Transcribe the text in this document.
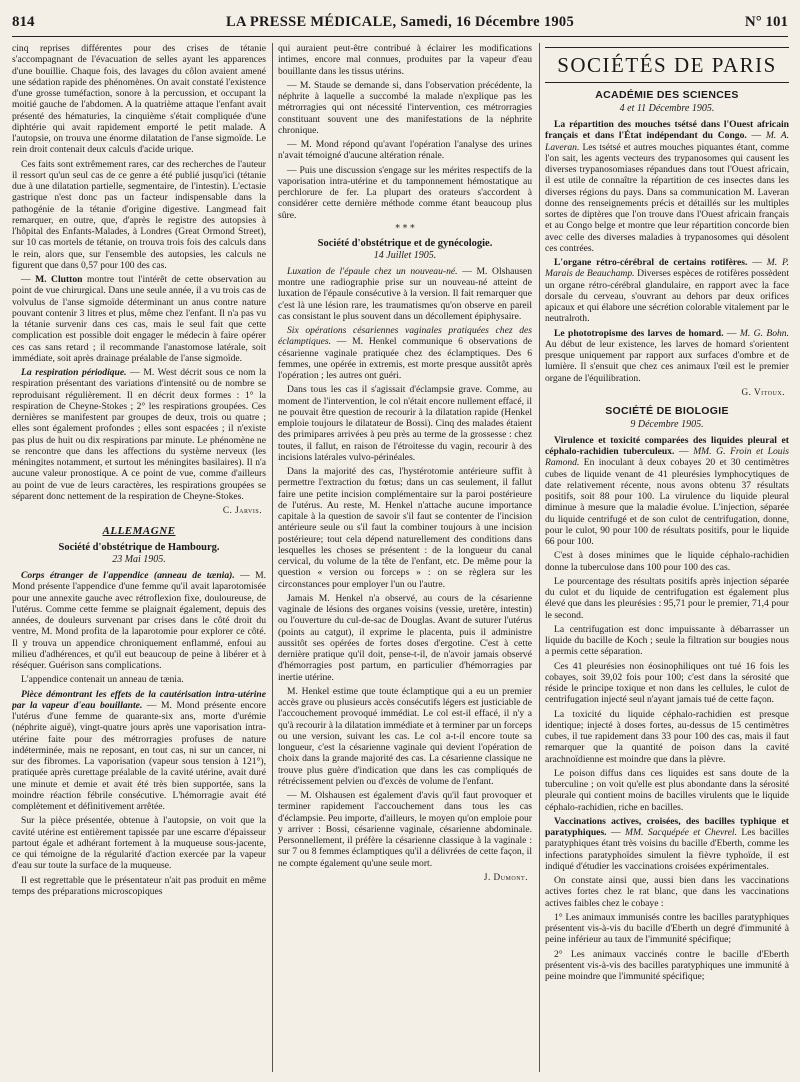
814	LA PRESSE MÉDICALE, Samedi, 16 Décembre 1905	N° 101

cinq reprises différentes pour des crises de tétanie s'accompagnant de l'évacuation de selles ayant les apparences d'une bouillie. Chaque fois, des lavages du côlon avaient amené une sédation rapide des phénomènes. On avait constaté l'existence d'une grosse tuméfaction, sonore à la percussion, et occupant la moitié gauche de l'abdomen. A la quatrième attaque l'enfant avait présenté des hématuries, la cinquième s'était compliquée d'une diphtérie qui avait rapidement emporté le petit malade. A l'autopsie, on trouva une énorme dilatation de l'anse sigmoïde. Le rein droit contenait deux calculs d'acide urique.

Ces faits sont extrêmement rares, car des recherches de l'auteur il ressort qu'un seul cas de ce genre a été publié jusqu'ici (tétanie due à une dilatation partielle, segmentaire, de l'intestin). L'ectasie gastrique n'est donc pas un facteur indispensable dans la pathogénie de la tétanie d'origine digestive. Langmead fait remarquer, en outre, que, d'après le registre des autopsies à l'hôpital des Enfants-Malades, à Londres (Great Ormond Street), sur 10 cas mortels de tétanie, on trouva trois fois des calculs dans le rein, alors que, sur l'ensemble des autopsies, les calculs ne figurent que dans 0,57 pour 100 des cas.

— M. Clutton montre tout l'intérêt de cette observation au point de vue chirurgical. Dans une seule année, il a vu trois cas de volvulus de l'anse sigmoïde déterminant un anus contre nature pouvant contenir 3 litres et plus, même chez l'enfant. Il n'a pas vu la tétanie survenir dans ces cas, mais le seul fait que cette complication est possible doit engager le médecin à faire opérer ces cas sans retard ; il recommande l'anastomose latérale, soit immédiate, soit après drainage préalable de l'anse sigmoïde.

La respiration périodique. — M. West décrit sous ce nom la respiration présentant des variations d'intensité ou de nombre se reproduisant régulièrement. Il en décrit deux formes : 1° la respiration de Cheyne-Stokes ; 2° les respirations groupées. Ces dernières se manifestent par groupes de deux, trois ou quatre ; elles sont également profondes ; elles sont espacées ; il n'existe pas plus de huit ou dix respirations par minute. Le phénomène ne se rencontre que dans les affections du système nerveux (les méningites notamment, et surtout les méningites basilaires). Il n'a aucune valeur pronostique. A ce point de vue, comme d'ailleurs au point de vue de leurs caractères, les respirations groupées se séparent donc nettement de la respiration de Cheyne-Stokes.

C. Jarvis.
ALLEMAGNE
Société d'obstétrique de Hambourg.
23 Mai 1905.

Corps étranger de l'appendice (anneau de tænia). — M. Mond présente l'appendice d'une femme qu'il avait laparotomisée pour une annexite gauche avec rétroflexion fixe, douloureuse, de l'utérus. Comme cette femme se plaignait également, depuis des années, de douleurs survenant par crises dans le côté droit du ventre, M. Mond profita de la laparotomie pour explorer ce côté. Il y trouva un appendice chroniquement enflammé, enfoui au milieu d'adhérences, et qu'il eut beaucoup de peine à libérer et à réséquer. Guérison sans complications.

L'appendice contenait un anneau de tænia.

Pièce démontrant les effets de la cautérisation intra-utérine par la vapeur d'eau bouillante. — M. Mond présente encore l'utérus d'une femme de quarante-six ans, morte d'urémie (néphrite aiguë), vingt-quatre jours après une vaporisation intra-utérine faite pour des métrorragies profuses de nature indéterminée, mais ne reposant, en tout cas, ni sur un cancer, ni sur des fibromes. La vaporisation (vapeur sous tension à 121°), pratiquée après curettage préalable de la cavité utérine, avait duré une minute et demie et avait été très bien supportée, sans la moindre réaction fébrile consécutive. L'hémorragie avait été complètement et définitivement arrêtée.

Sur la pièce présentée, obtenue à l'autopsie, on voit que la cavité utérine est entièrement tapissée par une escarre d'épaisseur partout égale et adhérant fortement à la muqueuse sous-jacente, ce qui témoigne de la régularité d'action exercée par la vapeur d'eau sur toute la surface de la muqueuse.

Il est regrettable que le présentateur n'ait pas produit en même temps des préparations microscopiques

qui auraient peut-être contribué à éclairer les modifications intimes, encore mal connues, produites par la vapeur d'eau bouillante dans les tissus utérins.

— M. Staude se demande si, dans l'observation précédente, la néphrite à laquelle a succombé la malade n'explique pas les métrorragies qui ont nécessité l'intervention, ces métrorragies constituant souvent une des manifestations de la néphrite chronique.

— M. Mond répond qu'avant l'opération l'analyse des urines n'avait témoigné d'aucune altération rénale.

— Puis une discussion s'engage sur les mérites respectifs de la vaporisation intra-utérine et du tamponnement hémostatique au perchlorure de fer. La plupart des orateurs s'accordent à considérer cette dernière méthode comme étant beaucoup plus sûre.

* * *
Société d'obstétrique et de gynécologie.
14 Juillet 1905.

Luxation de l'épaule chez un nouveau-né. — M. Olshausen montre une radiographie prise sur un nouveau-né atteint de luxation de l'épaule consécutive à la version. Il fait remarquer que c'est là une lésion rare, les traumatismes qu'on observe en pareil cas consistant le plus souvent dans un décollement épiphysaire.

Six opérations césariennes vaginales pratiquées chez des éclamptiques. — M. Henkel communique 6 observations de césarienne vaginale pratiquée chez des éclamptiques. Des 6 femmes, une opérée in extremis, est morte presque aussitôt après l'opération ; les autres ont guéri.

Dans tous les cas il s'agissait d'éclampsie grave. Comme, au moment de l'intervention, le col n'était encore nullement effacé, il ne pouvait être question de recourir à la dilatation rapide (Henkel emploie toujours le dilatateur de Bossi). Cinq des malades étaient des primipares arrivées à peu près au terme de la grossesse : chez toutes, il fallut, en raison de l'étroitesse du vagin, recourir à des incisions latérales vulvo-périnéales.

Dans la majorité des cas, l'hystérotomie antérieure suffit à permettre l'extraction du fœtus; dans un cas seulement, il fallut faire une petite incision complémentaire sur la paroi postérieure de l'utérus. Au reste, M. Henkel n'attache aucune importance capitale à la question de savoir s'il faut se contenter de l'incision antérieure seule ou s'il faut la combiner toujours à une incision postérieure; tout cela dépend naturellement des conditions dans lesquelles les choses se présentent : de la longueur du canal cervical, du volume de la tête de l'enfant, etc. De même pour la question « version ou forceps » : on se règlera sur les circonstances pour employer l'un ou l'autre.

Jamais M. Henkel n'a observé, au cours de la césarienne vaginale de lésions des organes voisins (vessie, uretère, intestin) ou l'ouverture du cul-de-sac de Douglas. Avant de suturer l'utérus (points au catgut), il exprime le placenta, puis il administre aussitôt ses opérées de fortes doses d'ergotine. C'est à cette dernière pratique qu'il doit, pense-t-il, de n'avoir jamais observé d'hémorragies post partum, en particulier d'hémorragies par inertie utérine.

M. Henkel estime que toute éclamptique qui a eu un premier accès grave ou plusieurs accès consécutifs légers est justiciable de l'accouchement provoqué immédiat. Le col est-il effacé, il n'y a qu'à recourir à la dilatation immédiate et à terminer par un forceps ou une version, suivant les cas. Le col a-t-il encore toute sa longueur, c'est la césarienne vaginale qui devient l'opération de choix dans la grande majorité des cas. La césarienne classique ne trouve plus guère d'indication que dans les cas compliqués de rétrécissement pelvien ou d'excès de volume de l'enfant.

— M. Olshausen est également d'avis qu'il faut provoquer et terminer rapidement l'accouchement dans tous les cas d'éclampsie. Peu importe, d'ailleurs, le moyen qu'on emploie pour y arriver : Bossi, césarienne vaginale, césarienne abdominale. Personnellement, il préfère la césarienne classique à la vaginale : sur 7 ou 8 femmes éclamptiques qu'il a délivrées de cette façon, il ne compte également qu'une seule mort.

J. Dumont.
SOCIÉTÉS DE PARIS
ACADÉMIE DES SCIENCES
4 et 11 Décembre 1905.

La répartition des mouches tsétsé dans l'Ouest africain français et dans l'État indépendant du Congo. — M. A. Laveran. Les tsétsé et autres mouches piquantes étant, comme l'on sait, les agents vecteurs des trypanosomes qui causent les diverses trypanosomiases répandues dans tout l'Ouest africain, il est utile de connaître la répartition de ces insectes dans les diverses régions du pays. Dans sa communication M. Laveran donne des renseignements précis et détaillés sur les multiples sortes de diptères que l'on trouve dans l'Ouest africain français et au Congo belge et montre que leur répartition concorde bien avec celle des diverses maladies à trypanosomes qui désolent ces contrées.

L'organe rétro-cérébral de certains rotifères. — M. P. Marais de Beauchamp. Diverses espèces de rotifères possèdent un organe rétro-cérébral glandulaire, en rapport avec la face dorsale du cerveau, s'ouvrant au dehors par deux orifices apicaux et qui élabore une sécrétion colorable vitalement par le neutralroth.

Le phototropisme des larves de homard. — M. G. Bohn. Au début de leur existence, les larves de homard s'orientent presque uniquement par rapport aux surfaces d'ombre et de lumière. Il s'ensuit que chez ces animaux l'œil est le premier organe de l'équilibration.

G. Vitoux.
SOCIÉTÉ DE BIOLOGIE
9 Décembre 1905.

Virulence et toxicité comparées des liquides pleural et céphalo-rachidien tuberculeux. — MM. G. Froin et Louis Ramond. En inoculant à deux cobayes 20 et 30 centimètres cubes de liquide venant de 41 pleurésies lymphocytiques de date relativement récente, nous avons obtenu 37 résultats positifs, soit 88 pour 100. La virulence du liquide pleural diminue à mesure que la maladie évolue. L'injection, séparée du liquide centrifugé et de son culot de centrifugation, donne, pour le culot, 90 pour 100 de résultats positifs, pour le liquide 66 pour 100.

C'est à doses minimes que le liquide céphalo-rachidien donne la tuberculose dans 100 pour 100 des cas.

Le pourcentage des résultats positifs après injection séparée du culot et du liquide de centrifugation est également plus élevé que dans les pleurésies : 95,71 pour le premier, 71,4 pour le second.

La centrifugation est donc impuissante à débarrasser un liquide du bacille de Koch ; seule la filtration sur bougies nous a permis cette séparation.

Ces 41 pleurésies non éosinophiliques ont tué 16 fois les cobayes, soit 39,02 fois pour 100; c'est dans la sérosité que réside le principe toxique et non dans les cellules, le culot de centrifugation injecté seul n'ayant jamais tué de cette façon.

La toxicité du liquide céphalo-rachidien est presque identique; injecté à doses fortes, au-dessus de 15 centimètres cubes, il tue rapidement dans 33 pour 100 des cas, mais il faut remarquer que la quantité de poison dans la cavité arachnoïdienne est moindre que dans la plèvre.

Le poison diffus dans ces liquides est sans doute de la tuberculine ; on voit qu'elle est plus abondante dans la sérosité pleurale qui contient moins de bacilles virulents que le liquide céphalo-rachidien, riche en bacilles.

Vaccinations actives, croisées, des bacilles typhique et paratyphiques. — MM. Sacquépée et Chevrel. Les bacilles paratyphiques étant très voisins du bacille d'Eberth, comme les infections paratyphoïdes simulent la fièvre typhoïde, il est indiqué d'étudier les vaccinations croisées expérimentales.

On constate ainsi que, aussi bien dans les vaccinations actives fortes chez le rat blanc, que dans les vaccinations actives faibles chez le cobaye :

1° Les animaux immunisés contre les bacilles paratyphiques présentent vis-à-vis du bacille d'Eberth un degré d'immunité à peine inférieur au taux de l'immunité spécifique;

2° Les animaux vaccinés contre le bacille d'Eberth présentent vis-à-vis des bacilles paratyphiques une immunité à peine moindre que l'immunité spécifique;
